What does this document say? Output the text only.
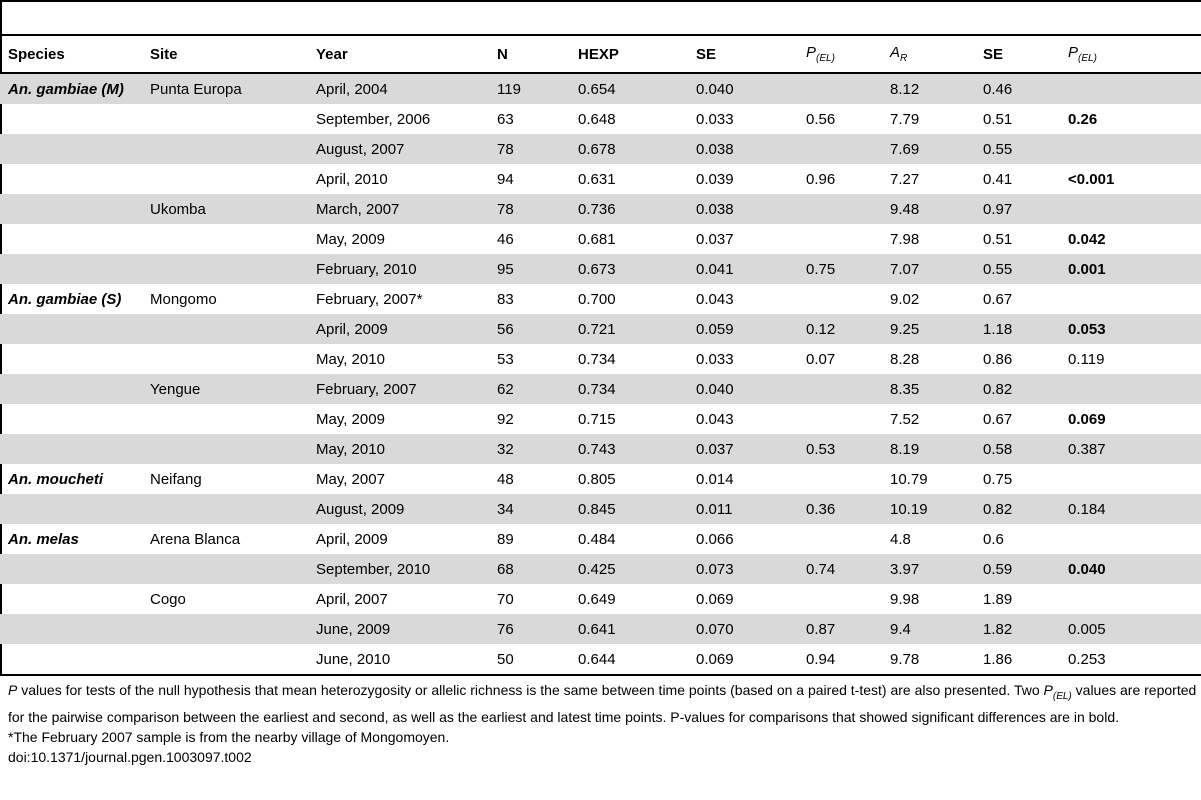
Species	Site	Year	N	HEXP	SE	$P_{(EL)}$	$A_R$	SE	$P_{(EL)}$
An. gambiae (M)	Punta Europa	April, 2004	119	0.654	0.040		8.12	0.46	
		September, 2006	63	0.648	0.033	0.56	7.79	0.51	0.26
		August, 2007	78	0.678	0.038		7.69	0.55	
		April, 2010	94	0.631	0.039	0.96	7.27	0.41	<0.001
	Ukomba	March, 2007	78	0.736	0.038		9.48	0.97	
		May, 2009	46	0.681	0.037		7.98	0.51	0.042
		February, 2010	95	0.673	0.041	0.75	7.07	0.55	0.001
An. gambiae (S)	Mongomo	February, 2007*	83	0.700	0.043		9.02	0.67	
		April, 2009	56	0.721	0.059	0.12	9.25	1.18	0.053
		May, 2010	53	0.734	0.033	0.07	8.28	0.86	0.119
	Yengue	February, 2007	62	0.734	0.040		8.35	0.82	
		May, 2009	92	0.715	0.043		7.52	0.67	0.069
		May, 2010	32	0.743	0.037	0.53	8.19	0.58	0.387
An. moucheti	Neifang	May, 2007	48	0.805	0.014		10.79	0.75	
		August, 2009	34	0.845	0.011	0.36	10.19	0.82	0.184
An. melas	Arena Blanca	April, 2009	89	0.484	0.066		4.8	0.6	
		September, 2010	68	0.425	0.073	0.74	3.97	0.59	0.040
	Cogo	April, 2007	70	0.649	0.069		9.98	1.89	
		June, 2009	76	0.641	0.070	0.87	9.4	1.82	0.005
		June, 2010	50	0.644	0.069	0.94	9.78	1.86	0.253

P values for tests of the null hypothesis that mean heterozygosity or allelic richness is the same between time points (based on a paired t-test) are also presented. Two $P_{(EL)}$ values are reported for the pairwise comparison between the earliest and second, as well as the earliest and latest time points. P-values for comparisons that showed significant differences are in bold.

*The February 2007 sample is from the nearby village of Mongomoyen.

doi:10.1371/journal.pgen.1003097.t002
